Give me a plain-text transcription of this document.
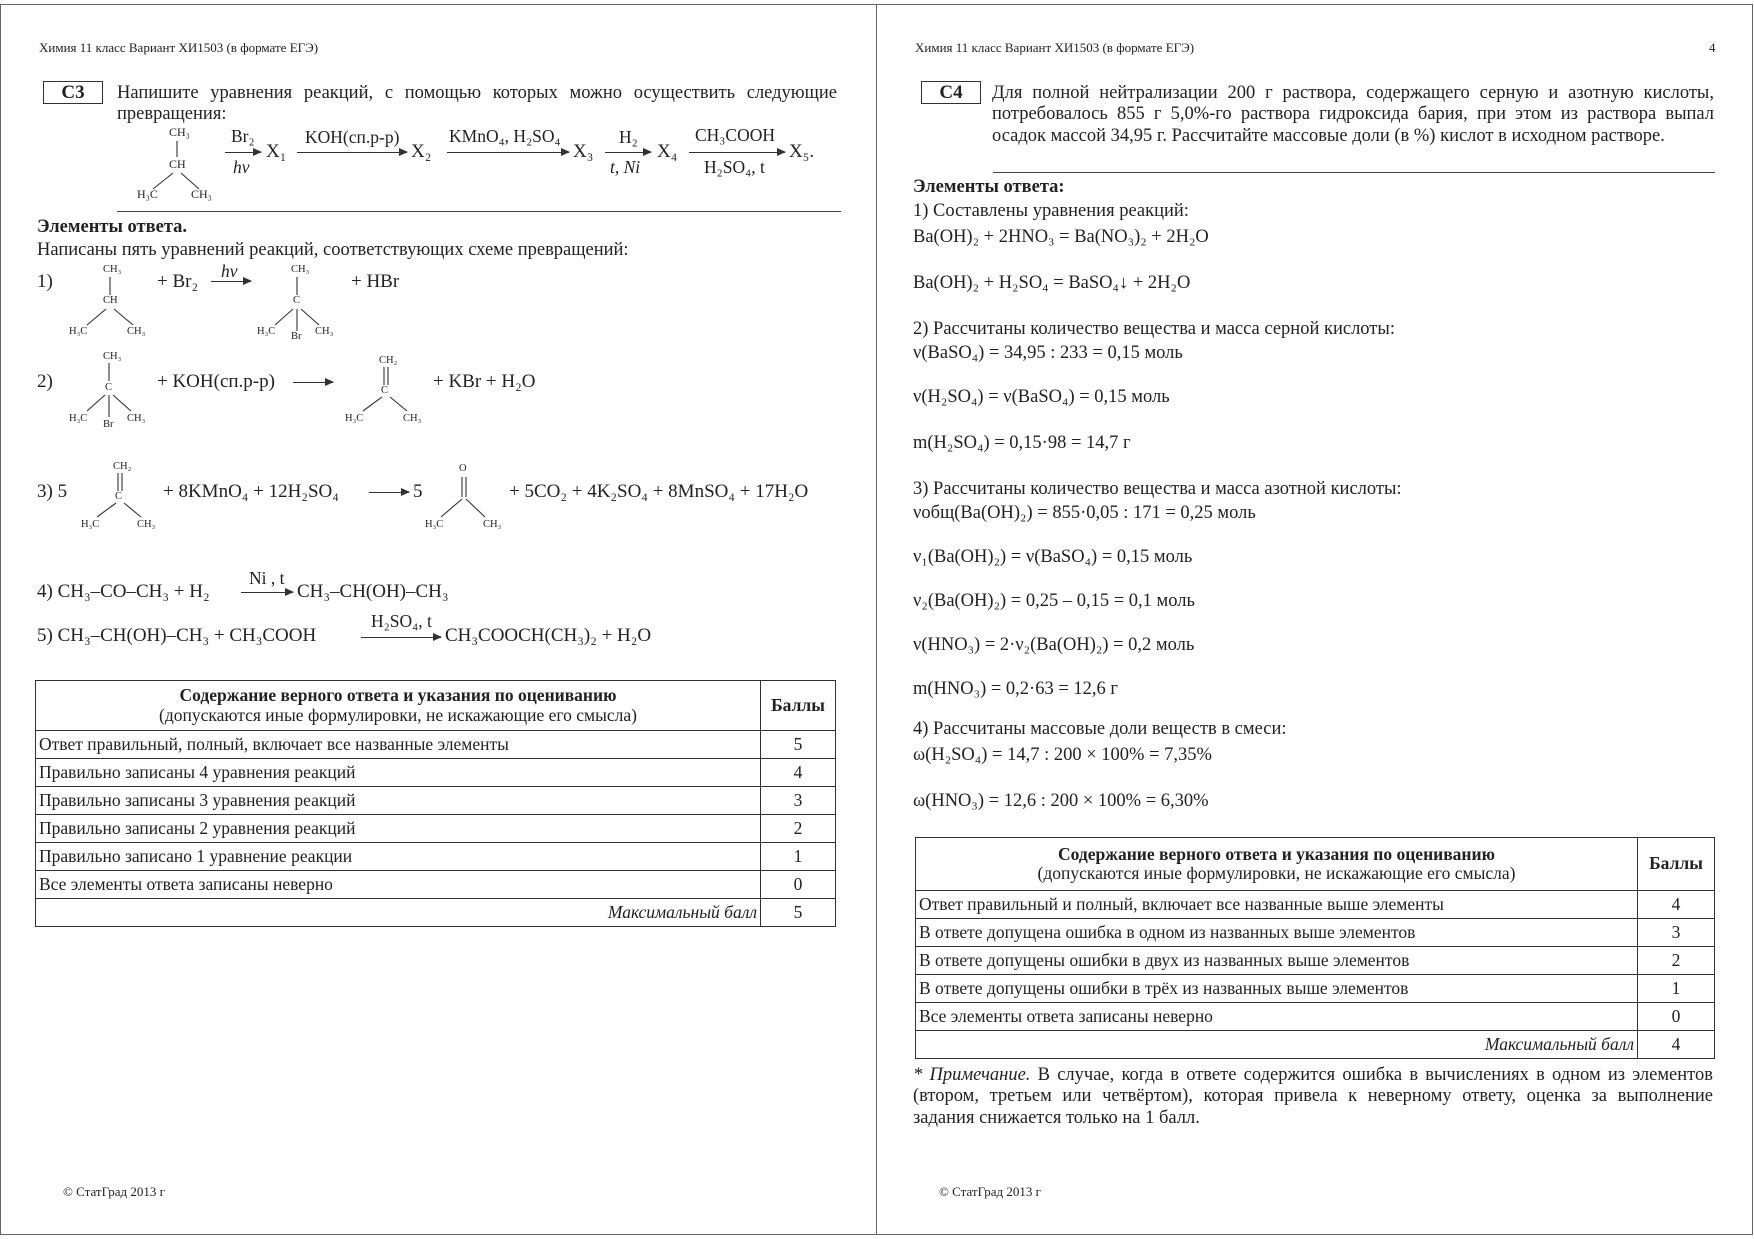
Химия 11 класс Вариант ХИ1503 (в формате ЕГЭ)

С3	Напишите уравнения реакций, с помощью которых можно осуществить следующие превращения:

CH₃
CH
H₃C	CH₃
Br₂
hv
X₁
KOH(сп.р-р)
X₂
KMnO₄, H₂SO₄
X₃
H₂
t, Ni
X₄
CH₃COOH
H₂SO₄, t
X₅.

Элементы ответа.

Написаны пять уравнений реакций, соответствующих схеме превращений:

1)
CH₃
CH
H₃C	CH₃
+ Br₂ hv	CH₃
C
H₃C Br CH₃
+ HBr
2)
CH₃
C
H₃C
Br
CH₃
+ KOH(сп.р-р) →
CH₂
C
H₃C	CH₃
+ KBr + H₂O
3) 5
CH₂
C
H₃C	CH₃
+ 8KMnO₄ + 12H₂SO₄ → 5
O
H₃C	CH₃
+ 5CO₂ + 4K₂SO₄ + 8MnSO₄ + 17H₂O
4) CH₃–CO–CH₃ + H₂
Ni , t
→ CH₃–CH(OH)–CH₃
5) CH₃–CH(OH)–CH₃ + CH₃COOH
H₂SO₄, t
CH₃COOCH(CH₃)₂ + H₂O
Содержание верного ответа и указания по оцениванию
(допускаются иные формулировки, не искажающие его смысла)	Баллы
Ответ правильный, полный, включает все названные элементы	5
Правильно записаны 4 уравнения реакций	4
Правильно записаны 3 уравнения реакций	3
Правильно записаны 2 уравнения реакций	2
Правильно записано 1 уравнение реакции	1
Все элементы ответа записаны неверно	0
Максимальный балл	5

© СтатГрад 2013 г

Химия 11 класс Вариант ХИ1503 (в формате ЕГЭ)	4

С4	Для полной нейтрализации 200 г раствора, содержащего серную и азотную кислоты, потребовалось 855 г 5,0%-го раствора гидроксида бария, при этом из раствора выпал осадок массой 34,95 г. Рассчитайте массовые доли (в %) кислот в исходном растворе.

Элементы ответа:

1) Составлены уравнения реакций:

Ba(OH)₂ + 2HNO₃ = Ba(NO₃)₂ + 2H₂O

Ba(OH)₂ + H₂SO₄ = BaSO₄↓ + 2H₂O

2) Рассчитаны количество вещества и масса серной кислоты:

ν(BaSO₄) = 34,95 : 233 = 0,15 моль

ν(H₂SO₄) = ν(BaSO₄) = 0,15 моль

m(H₂SO₄) = 0,15·98 = 14,7 г

3) Рассчитаны количество вещества и масса азотной кислоты:

νобщ(Ba(OH)₂) = 855·0,05 : 171 = 0,25 моль

ν₁(Ba(OH)₂) = ν(BaSO₄) = 0,15 моль

ν₂(Ba(OH)₂) = 0,25 – 0,15 = 0,1 моль

ν(HNO₃) = 2·ν₂(Ba(OH)₂) = 0,2 моль

m(HNO₃) = 0,2·63 = 12,6 г

4) Рассчитаны массовые доли веществ в смеси:

ω(H₂SO₄) = 14,7 : 200 × 100% = 7,35%

ω(HNO₃) = 12,6 : 200 × 100% = 6,30%

Содержание верного ответа и указания по оцениванию
(допускаются иные формулировки, не искажающие его смысла)	Баллы
Ответ правильный и полный, включает все названные выше элементы	4
В ответе допущена ошибка в одном из названных выше элементов	3
В ответе допущены ошибки в двух из названных выше элементов	2
В ответе допущены ошибки в трёх из названных выше элементов	1
Все элементы ответа записаны неверно	0
Максимальный балл	4

* Примечание. В случае, когда в ответе содержится ошибка в вычислениях в одном из элементов (втором, третьем или четвёртом), которая привела к неверному ответу, оценка за выполнение задания снижается только на 1 балл.

© СтатГрад 2013 г
